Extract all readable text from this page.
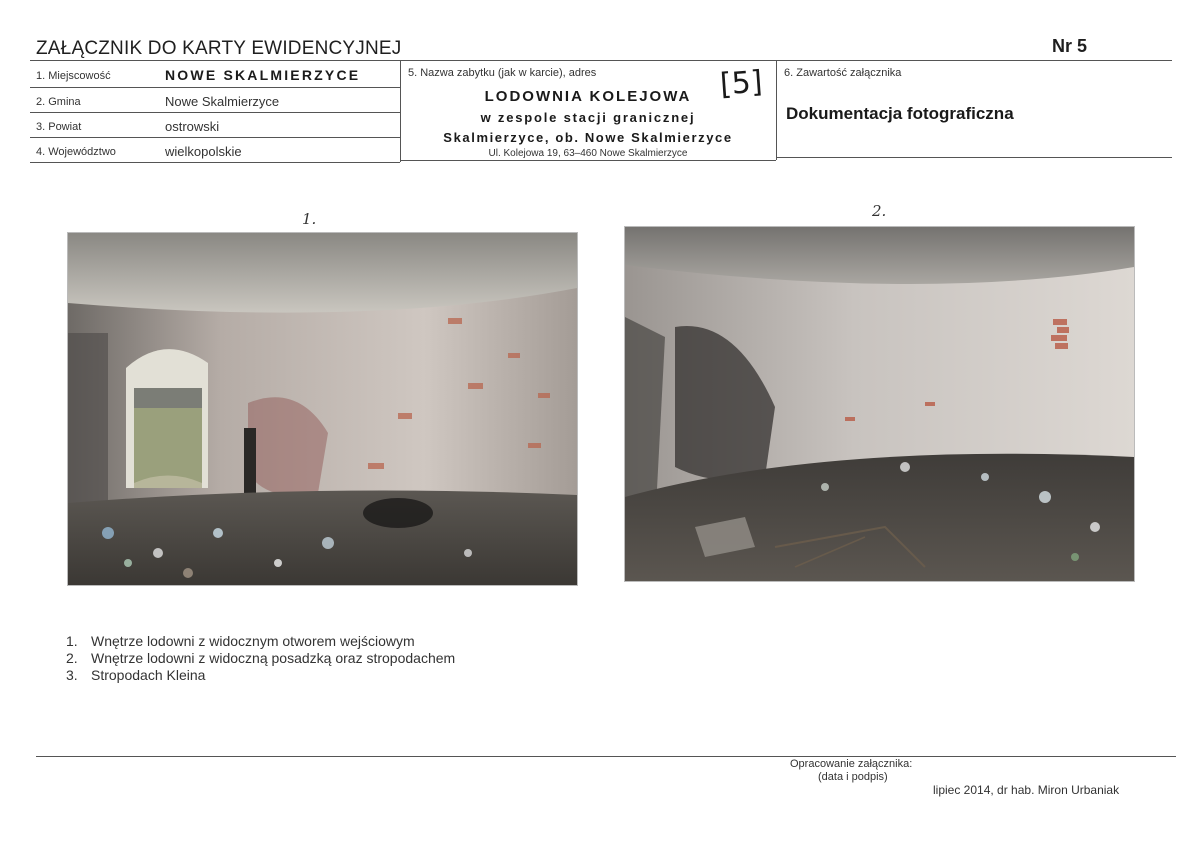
ZAŁĄCZNIK DO KARTY EWIDENCYJNEJ	Nr 5
1. Miejscowość	NOWE SKALMIERZYCE
2. Gmina	Nowe Skalmierzyce
3. Powiat	ostrowski
4. Województwo	wielkopolskie
5. Nazwa zabytku (jak w karcie), adres
LODOWNIA KOLEJOWA
w zespole stacji granicznej
Skalmierzyce, ob. Nowe Skalmierzyce
Ul. Kolejowa 19, 63–460 Nowe Skalmierzyce
[5] 6. Zawartość załącznika
Dokumentacja fotograficzna
1.	2.
1. Wnętrze lodowni z widocznym otworem wejściowym
2. Wnętrze lodowni z widoczną posadzką oraz stropodachem
3. Stropodach Kleina
Opracowanie załącznika:
(data i podpis)
lipiec 2014, dr hab. Miron Urbaniak
